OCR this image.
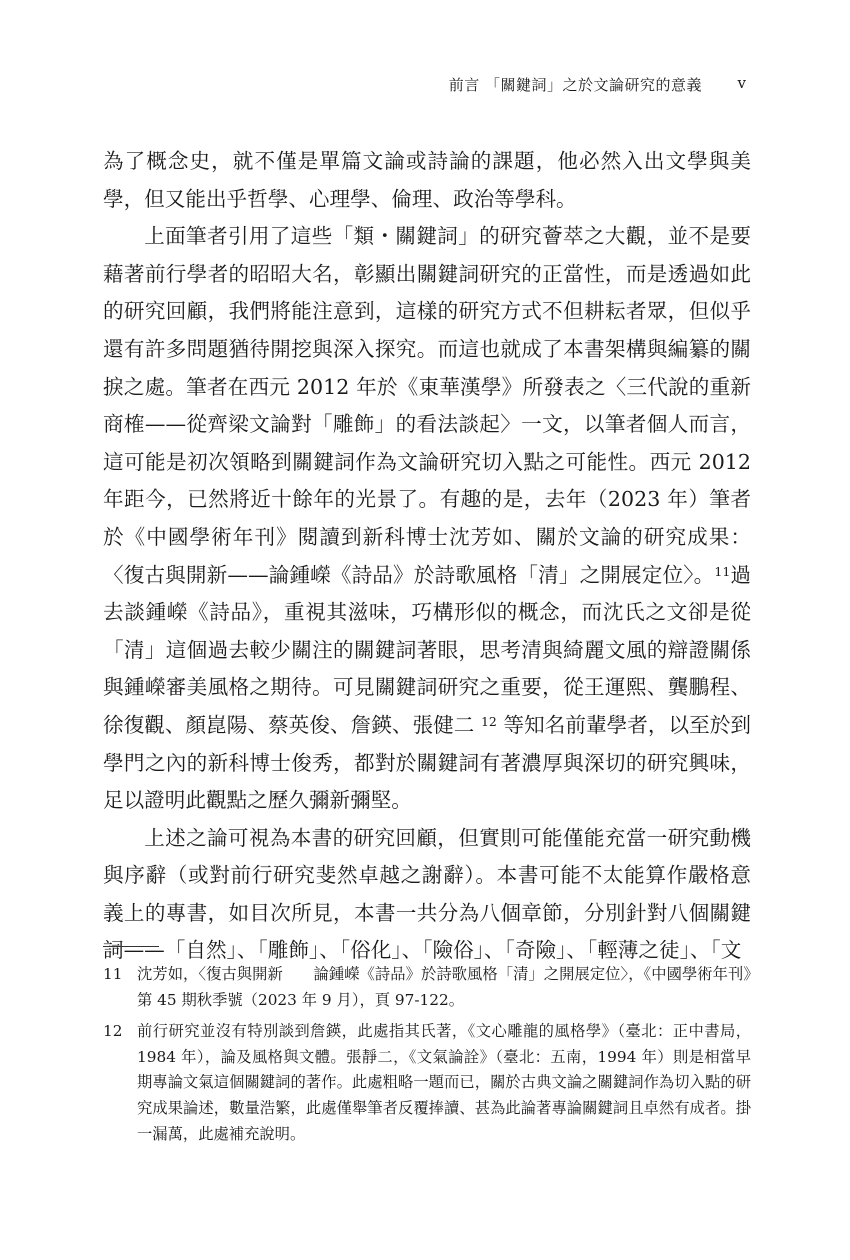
前言 「關鍵詞」之於文論研究的意義 v

為了概念史，就不僅是單篇文論或詩論的課題，他必然入出文學與美學，但又能出乎哲學、心理學、倫理、政治等學科。

上面筆者引用了這些「類・關鍵詞」的研究薈萃之大觀，並不是要藉著前行學者的昭昭大名，彰顯出關鍵詞研究的正當性，而是透過如此的研究回顧，我們將能注意到，這樣的研究方式不但耕耘者眾，但似乎還有許多問題猶待開挖與深入探究。而這也就成了本書架構與編纂的關捩之處。筆者在西元 2012 年於《東華漢學》所發表之〈三代說的重新商榷——從齊梁文論對「雕飾」的看法談起〉一文，以筆者個人而言，這可能是初次領略到關鍵詞作為文論研究切入點之可能性。西元 2012 年距今，已然將近十餘年的光景了。有趣的是，去年（2023 年）筆者於《中國學術年刊》閱讀到新科博士沈芳如、關於文論的研究成果：〈復古與開新——論鍾嶸《詩品》於詩歌風格「清」之開展定位〉。$^{11}$過去談鍾嶸《詩品》，重視其滋味，巧構形似的概念，而沈氏之文卻是從「清」這個過去較少關注的關鍵詞著眼，思考清與綺麗文風的辯證關係與鍾嶸審美風格之期待。可見關鍵詞研究之重要，從王運熙、龔鵬程、徐復觀、顏崑陽、蔡英俊、詹鍈、張健二 $^{12}$ 等知名前輩學者，以至於到學門之內的新科博士俊秀，都對於關鍵詞有著濃厚與深切的研究興味，足以證明此觀點之歷久彌新彌堅。

上述之論可視為本書的研究回顧，但實則可能僅能充當一研究動機與序辭（或對前行研究斐然卓越之謝辭）。本書可能不太能算作嚴格意義上的專書，如目次所見，本書一共分為八個章節，分別針對八個關鍵詞——「自然」、「雕飾」、「俗化」、「險俗」、「奇險」、「輕薄之徒」、「文

11 沈芳如，〈復古與開新　　論鍾嶸《詩品》於詩歌風格「清」之開展定位〉，《中國學術年刊》第 45 期秋季號（2023 年 9 月），頁 97-122。
12 前行研究並沒有特別談到詹鍈，此處指其氏著，《文心雕龍的風格學》（臺北：正中書局，1984 年），論及風格與文體。張靜二，《文氣論詮》（臺北：五南，1994 年）則是相當早期專論文氣這個關鍵詞的著作。此處粗略一題而已，關於古典文論之關鍵詞作為切入點的研究成果論述，數量浩繁，此處僅舉筆者反覆捧讀、甚為此論著專論關鍵詞且卓然有成者。掛一漏萬，此處補充說明。
